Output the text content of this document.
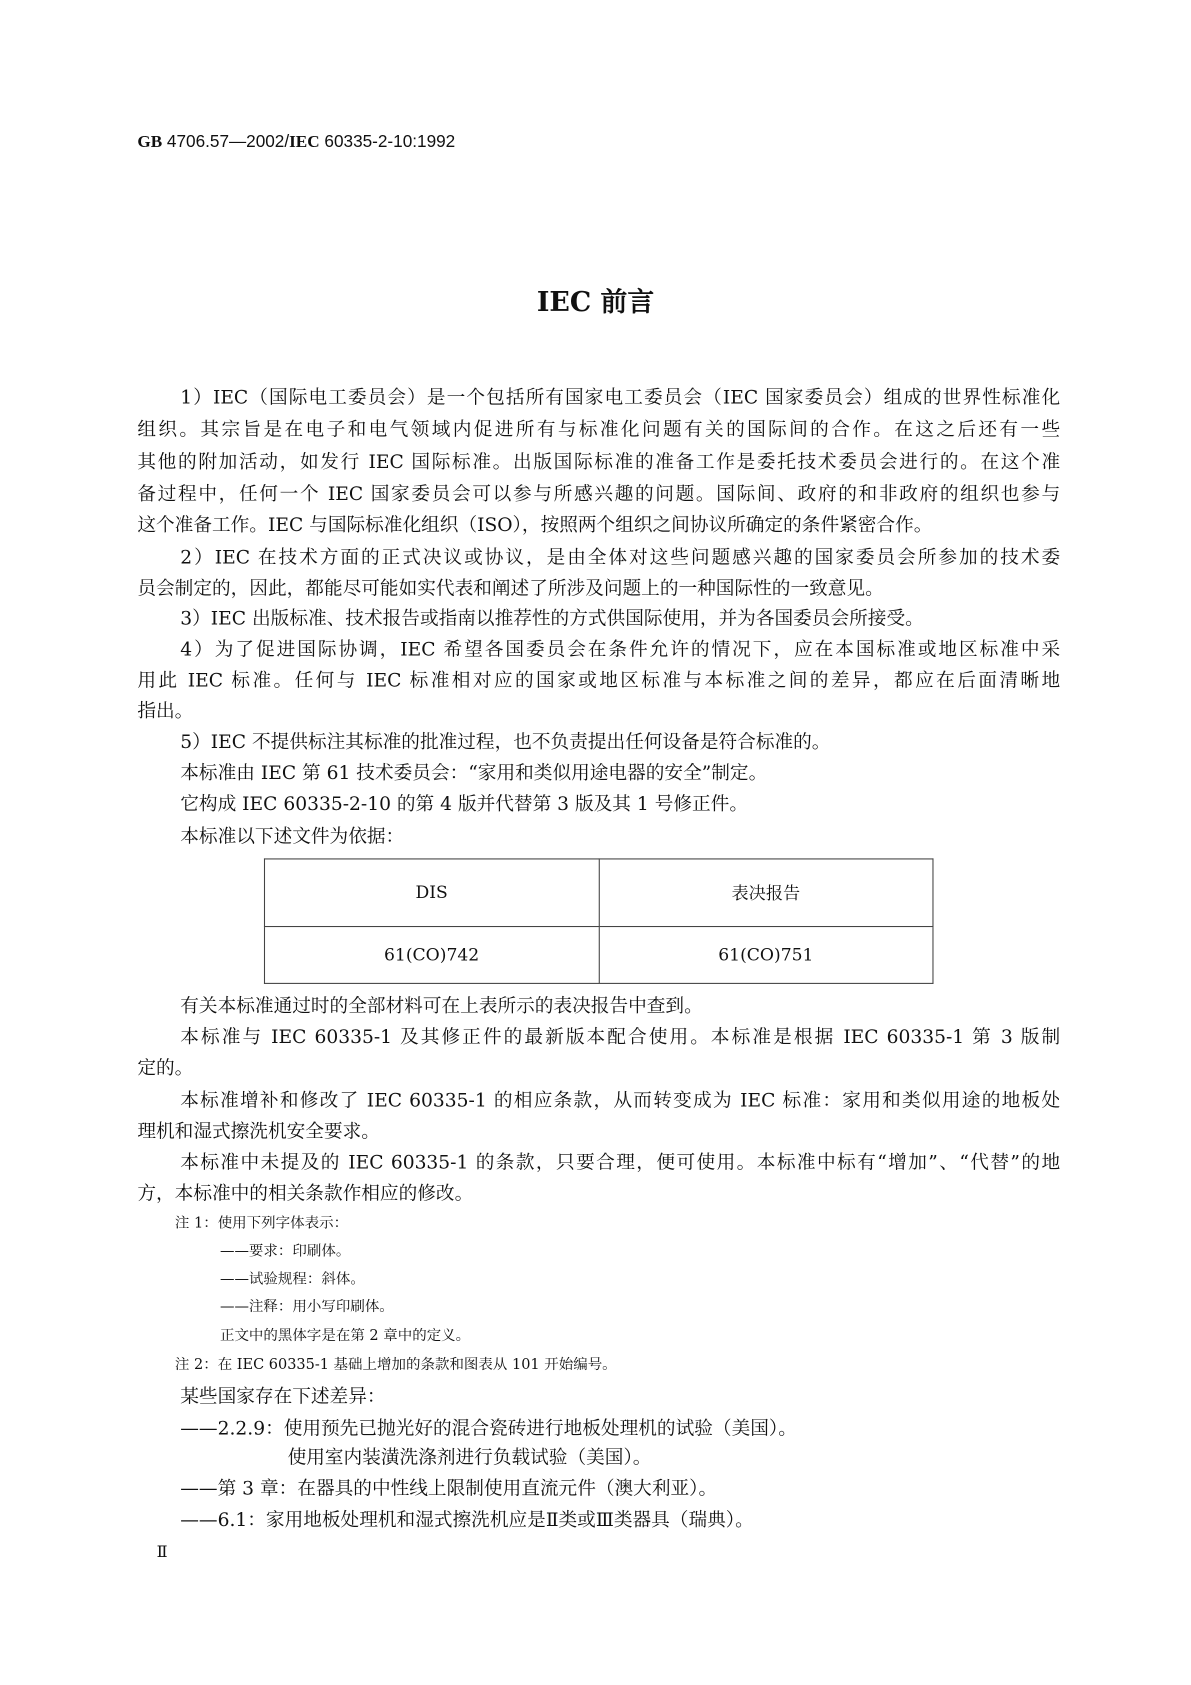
GB 4706.57—2002/IEC 60335-2-10:1992
IEC 前言
1）IEC（国际电工委员会）是一个包括所有国家电工委员会（IEC 国家委员会）组成的世界性标准化
组织。其宗旨是在电子和电气领域内促进所有与标准化问题有关的国际间的合作。在这之后还有一些
其他的附加活动，如发行 IEC 国际标准。出版国际标准的准备工作是委托技术委员会进行的。在这个准
备过程中，任何一个 IEC 国家委员会可以参与所感兴趣的问题。国际间、政府的和非政府的组织也参与
这个准备工作。IEC 与国际标准化组织（ISO），按照两个组织之间协议所确定的条件紧密合作。
2）IEC 在技术方面的正式决议或协议，是由全体对这些问题感兴趣的国家委员会所参加的技术委
员会制定的，因此，都能尽可能如实代表和阐述了所涉及问题上的一种国际性的一致意见。
3）IEC 出版标准、技术报告或指南以推荐性的方式供国际使用，并为各国委员会所接受。
4）为了促进国际协调，IEC 希望各国委员会在条件允许的情况下，应在本国标准或地区标准中采
用此 IEC 标准。任何与 IEC 标准相对应的国家或地区标准与本标准之间的差异，都应在后面清晰地
指出。
5）IEC 不提供标注其标准的批准过程，也不负责提出任何设备是符合标准的。
本标准由 IEC 第 61 技术委员会：“家用和类似用途电器的安全”制定。
它构成 IEC 60335-2-10 的第 4 版并代替第 3 版及其 1 号修正件。
本标准以下述文件为依据：
DIS	表决报告
61(CO)742	61(CO)751
有关本标准通过时的全部材料可在上表所示的表决报告中查到。
本标准与 IEC 60335-1 及其修正件的最新版本配合使用。本标准是根据 IEC 60335-1 第 3 版制
定的。
本标准增补和修改了 IEC 60335-1 的相应条款，从而转变成为 IEC 标准：家用和类似用途的地板处
理机和湿式擦洗机安全要求。
本标准中未提及的 IEC 60335-1 的条款，只要合理，便可使用。本标准中标有“增加”、“代替”的地
方，本标准中的相关条款作相应的修改。
注 1：使用下列字体表示：
——要求：印刷体。
——试验规程：斜体。
——注释：用小写印刷体。
正文中的黑体字是在第 2 章中的定义。
注 2：在 IEC 60335-1 基础上增加的条款和图表从 101 开始编号。
某些国家存在下述差异：
——2.2.9：使用预先已抛光好的混合瓷砖进行地板处理机的试验（美国）。
使用室内装潢洗涤剂进行负载试验（美国）。
——第 3 章：在器具的中性线上限制使用直流元件（澳大利亚）。
——6.1：家用地板处理机和湿式擦洗机应是Ⅱ类或Ⅲ类器具（瑞典）。
Ⅱ
